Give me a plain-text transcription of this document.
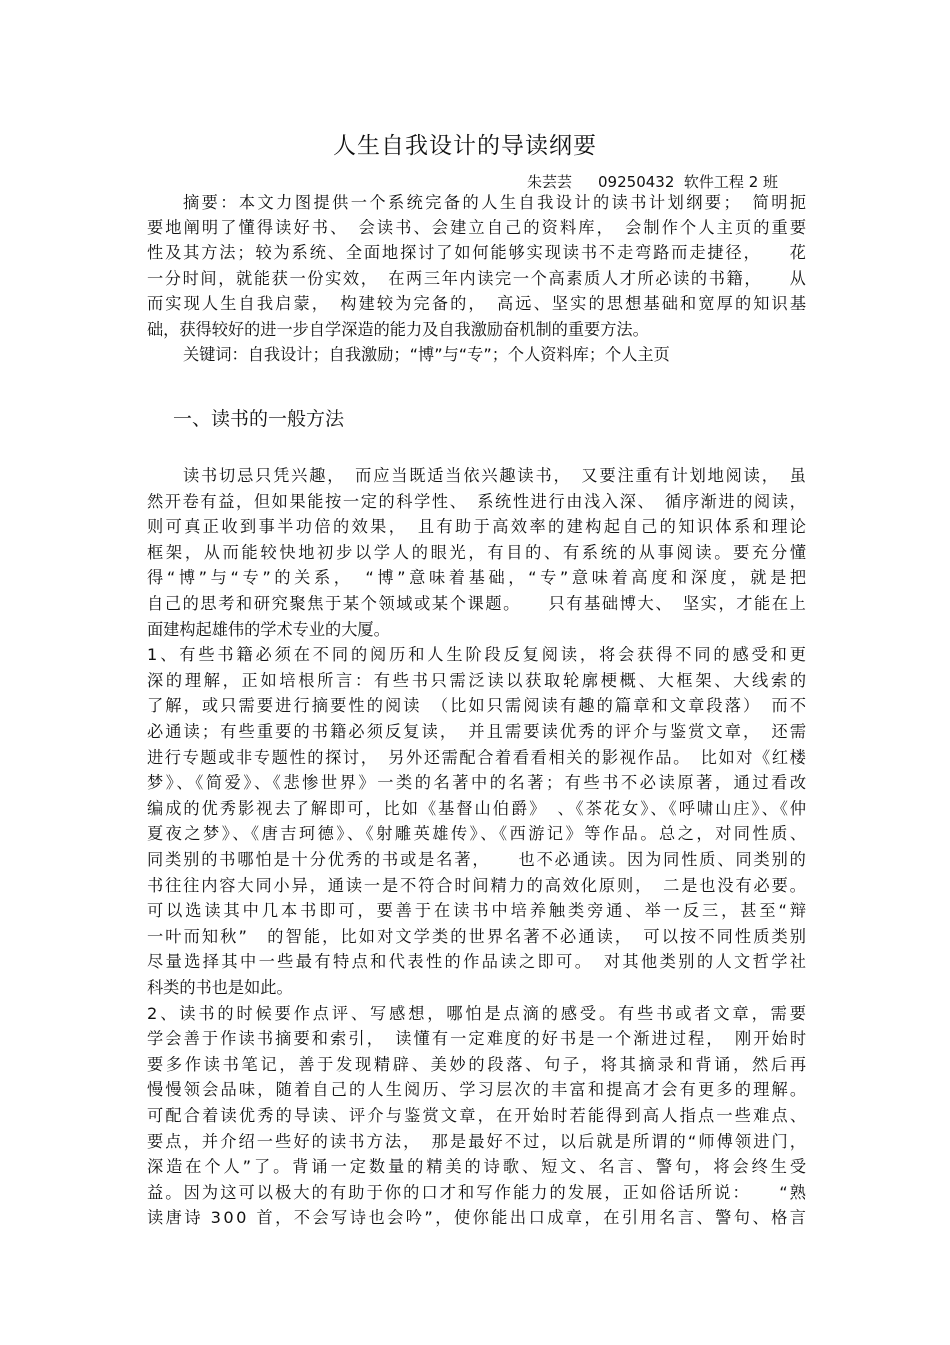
人生自我设计的导读纲要
朱芸芸 09250432 软件工程 2 班
摘要：本文力图提供一个系统完备的人生自我设计的读书计划纲要；　简明扼
要地阐明了懂得读好书、　会读书、会建立自己的资料库，　会制作个人主页的重要
性及其方法；较为系统、全面地探讨了如何能够实现读书不走弯路而走捷径，　　花
一分时间，就能获一份实效，　在两三年内读完一个高素质人才所必读的书籍，　　从
而实现人生自我启蒙，　构建较为完备的，　高远、坚实的思想基础和宽厚的知识基
础，获得较好的进一步自学深造的能力及自我激励奋机制的重要方法。
关键词：自我设计；自我激励；“博”与“专”；个人资料库；个人主页
一、读书的一般方法
读书切忌只凭兴趣，　而应当既适当依兴趣读书，　又要注重有计划地阅读，　虽
然开卷有益，但如果能按一定的科学性、　系统性进行由浅入深、　循序渐进的阅读，
则可真正收到事半功倍的效果，　且有助于高效率的建构起自己的知识体系和理论
框架，从而能较快地初步以学人的眼光，有目的、有系统的从事阅读。要充分懂
得“博”与“专”的关系，　“博”意味着基础，“专”意味着高度和深度，就是把
自己的思考和研究聚焦于某个领域或某个课题。　　只有基础博大、　坚实，才能在上
面建构起雄伟的学术专业的大厦。
1、有些书籍必须在不同的阅历和人生阶段反复阅读，将会获得不同的感受和更
深的理解，正如培根所言：有些书只需泛读以获取轮廓梗概、大框架、大线索的
了解，或只需要进行摘要性的阅读　（比如只需阅读有趣的篇章和文章段落）　而不
必通读；有些重要的书籍必须反复读，　并且需要读优秀的评介与鉴赏文章，　还需
进行专题或非专题性的探讨，　另外还需配合着看看相关的影视作品。　比如对《红楼
梦》、《简爱》、《悲惨世界》一类的名著中的名著；有些书不必读原著，通过看改
编成的优秀影视去了解即可，比如《基督山伯爵》　、《茶花女》、《呼啸山庄》、《仲
夏夜之梦》、《唐吉珂德》、《射雕英雄传》、《西游记》等作品。总之，对同性质、
同类别的书哪怕是十分优秀的书或是名著，　　也不必通读。因为同性质、同类别的
书往往内容大同小异，通读一是不符合时间精力的高效化原则，　二是也没有必要。
可以选读其中几本书即可，要善于在读书中培养触类旁通、举一反三，甚至“辩
一叶而知秋”　的智能，比如对文学类的世界名著不必通读，　可以按不同性质类别
尽量选择其中一些最有特点和代表性的作品读之即可。　对其他类别的人文哲学社
科类的书也是如此。
2、读书的时候要作点评、写感想，哪怕是点滴的感受。有些书或者文章，需要
学会善于作读书摘要和索引，　读懂有一定难度的好书是一个渐进过程，　刚开始时
要多作读书笔记，善于发现精辟、美妙的段落、句子，将其摘录和背诵，然后再
慢慢领会品味，随着自己的人生阅历、学习层次的丰富和提高才会有更多的理解。
可配合着读优秀的导读、评介与鉴赏文章，在开始时若能得到高人指点一些难点、
要点，并介绍一些好的读书方法，　那是最好不过，以后就是所谓的“师傅领进门，
深造在个人”了。背诵一定数量的精美的诗歌、短文、名言、警句，将会终生受
益。因为这可以极大的有助于你的口才和写作能力的发展，正如俗话所说：　　“熟
读唐诗 300 首，不会写诗也会吟”，使你能出口成章，在引用名言、警句、格言
